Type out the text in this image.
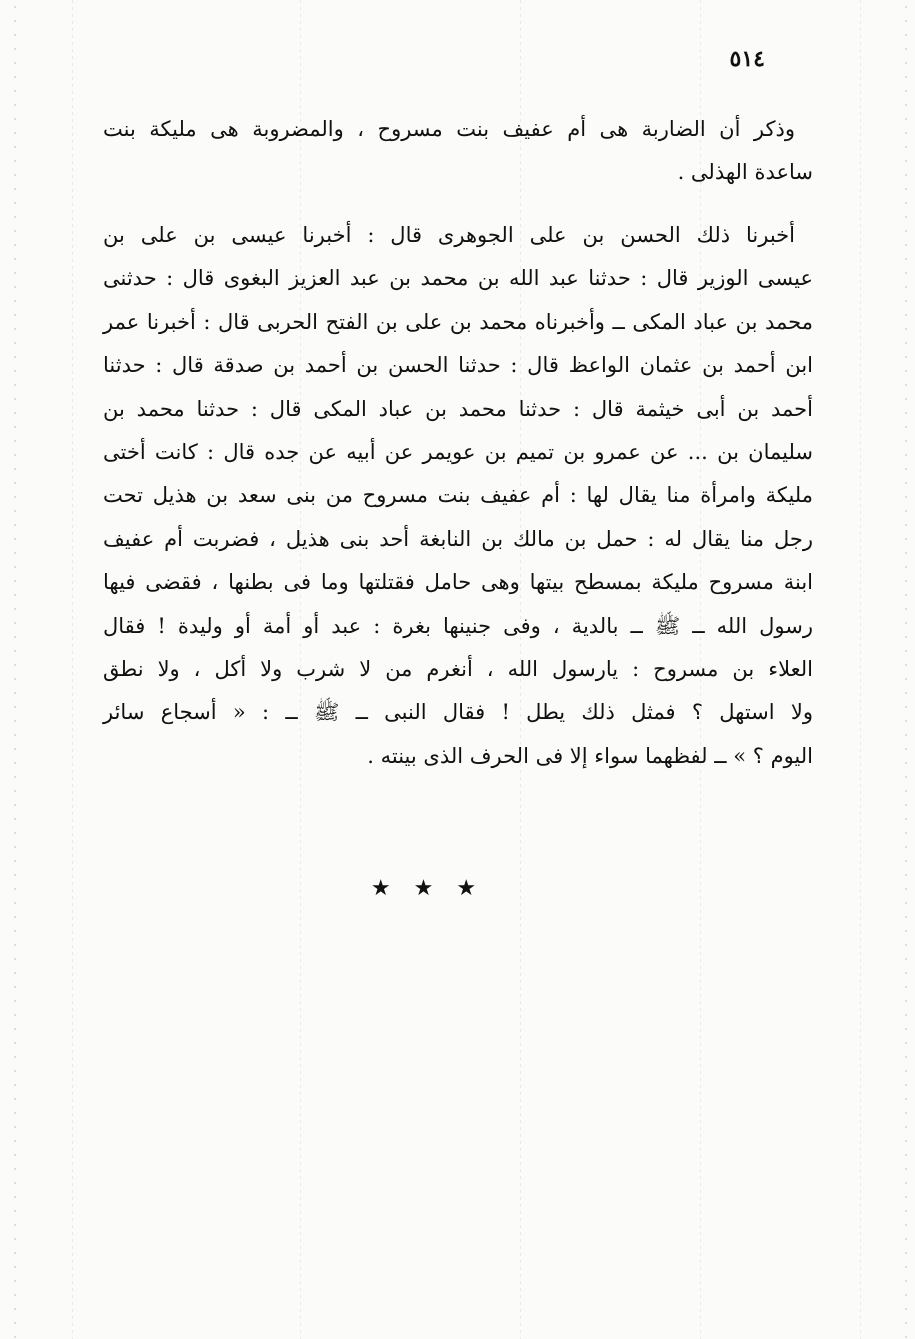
٥١٤
وذكر أن الضاربة هى أم عفيف بنت مسروح ، والمضروبة هى مليكة بنت
ساعدة الهذلى .
أخبرنا ذلك الحسن بن على الجوهرى قال : أخبرنا عيسى بن على بن
عيسى الوزير قال : حدثنا عبد الله بن محمد بن عبد العزيز البغوى قال : حدثنى
محمد بن عباد المكى ــ وأخبرناه محمد بن على بن الفتح الحربى قال : أخبرنا عمر
ابن أحمد بن عثمان الواعظ قال : حدثنا الحسن بن أحمد بن صدقة قال : حدثنا
أحمد بن أبى خيثمة قال : حدثنا محمد بن عباد المكى قال : حدثنا محمد بن
سليمان بن ... عن عمرو بن تميم بن عويمر عن أبيه عن جده قال : كانت أختى
مليكة وامرأة منا يقال لها : أم عفيف بنت مسروح من بنى سعد بن هذيل تحت
رجل منا يقال له : حمل بن مالك بن النابغة أحد بنى هذيل ، فضربت أم عفيف
ابنة مسروح مليكة بمسطح بيتها وهى حامل فقتلتها وما فى بطنها ، فقضى فيها
رسول الله ــ ﷺ ــ بالدية ، وفى جنينها بغرة : عبد أو أمة أو وليدة ! فقال
العلاء بن مسروح : يارسول الله ، أنغرم من لا شرب ولا أكل ، ولا نطق
ولا استهل ؟ فمثل ذلك يطل ! فقال النبى ــ ﷺ ــ : « أسجاع سائر
اليوم ؟ » ــ لفظهما سواء إلا فى الحرف الذى بينته .
★ ★ ★
